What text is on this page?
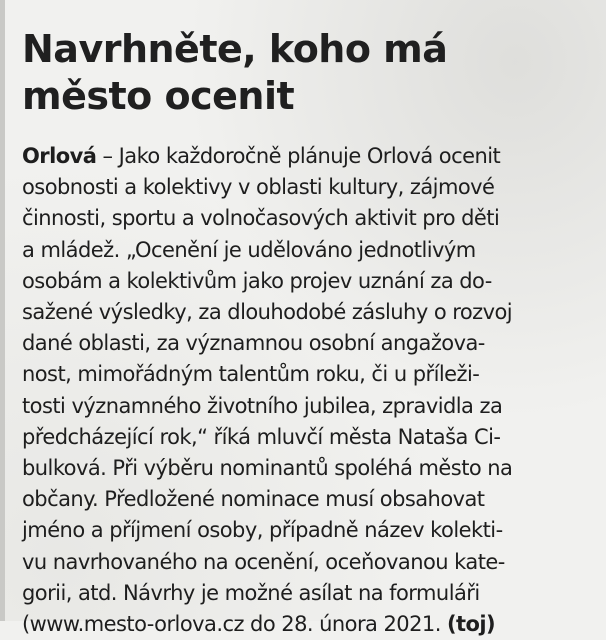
Navrhněte, koho má
město ocenit
Orlová – Jako každoročně plánuje Orlová ocenit
osobnosti a kolektivy v oblasti kultury, zájmové
činnosti, sportu a volnočasových aktivit pro děti
a mládež. „Ocenění je udělováno jednotlivým
osobám a kolektivům jako projev uznání za do-
sažené výsledky, za dlouhodobé zásluhy o rozvoj
dané oblasti, za významnou osobní angažova-
nost, mimořádným talentům roku, či u příleži-
tosti významného životního jubilea, zpravidla za
předcházející rok,“ říká mluvčí města Nataša Ci-
bulková. Při výběru nominantů spoléhá město na
občany. Předložené nominace musí obsahovat
jméno a příjmení osoby, případně název kolekti-
vu navrhovaného na ocenění, oceňovanou kate-
gorii, atd. Návrhy je možné asílat na formuláři
(www.mesto-orlova.cz do 28. února 2021. (toj)
